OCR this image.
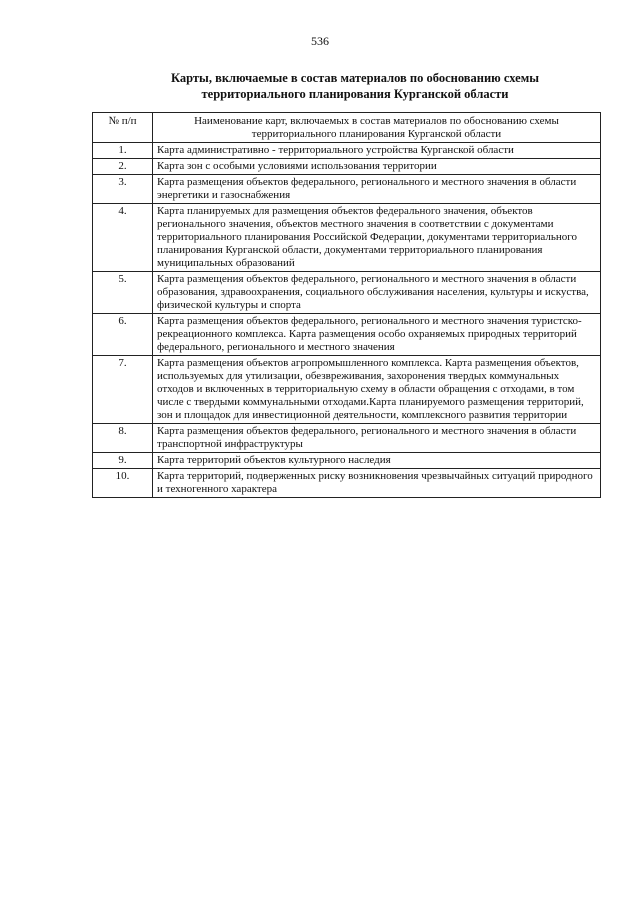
536
Карты, включаемые в состав материалов по обоснованию схемы
территориального планирования Курганской области
№ п/п	Наименование карт, включаемых в состав материалов по обоснованию схемы территориального планирования Курганской области
1.	Карта административно - территориального устройства Курганской области
2.	Карта зон с особыми условиями использования территории
3.	Карта размещения объектов федерального, регионального и местного значения в области энергетики и газоснабжения
4.	Карта планируемых для размещения объектов федерального значения, объектов регионального значения, объектов местного значения в соответствии с документами территориального планирования Российской Федерации, документами территориального планирования Курганской области, документами территориального планирования муниципальных образований
5.	Карта размещения объектов федерального, регионального и местного значения в области образования, здравоохранения, социального обслуживания населения, культуры и искуства, физической культуры и спорта
6.	Карта размещения объектов федерального, регионального и местного значения туристско-рекреационного комплекса. Карта размещения особо охраняемых природных территорий федерального, регионального и местного значения
7.	Карта размещения объектов агропромышленного комплекса. Карта размещения объектов, используемых для утилизации, обезвреживания, захоронения твердых коммунальных отходов и включенных в территориальную схему в области обращения с отходами, в том числе с твердыми коммунальными отходами.Карта планируемого размещения территорий, зон и площадок для инвестиционной деятельности, комплексного развития территории
8.	Карта размещения объектов федерального, регионального и местного значения в области транспортной инфраструктуры
9.	Карта территорий объектов культурного наследия
10.	Карта территорий, подверженных риску возникновения чрезвычайных ситуаций природного и техногенного характера
